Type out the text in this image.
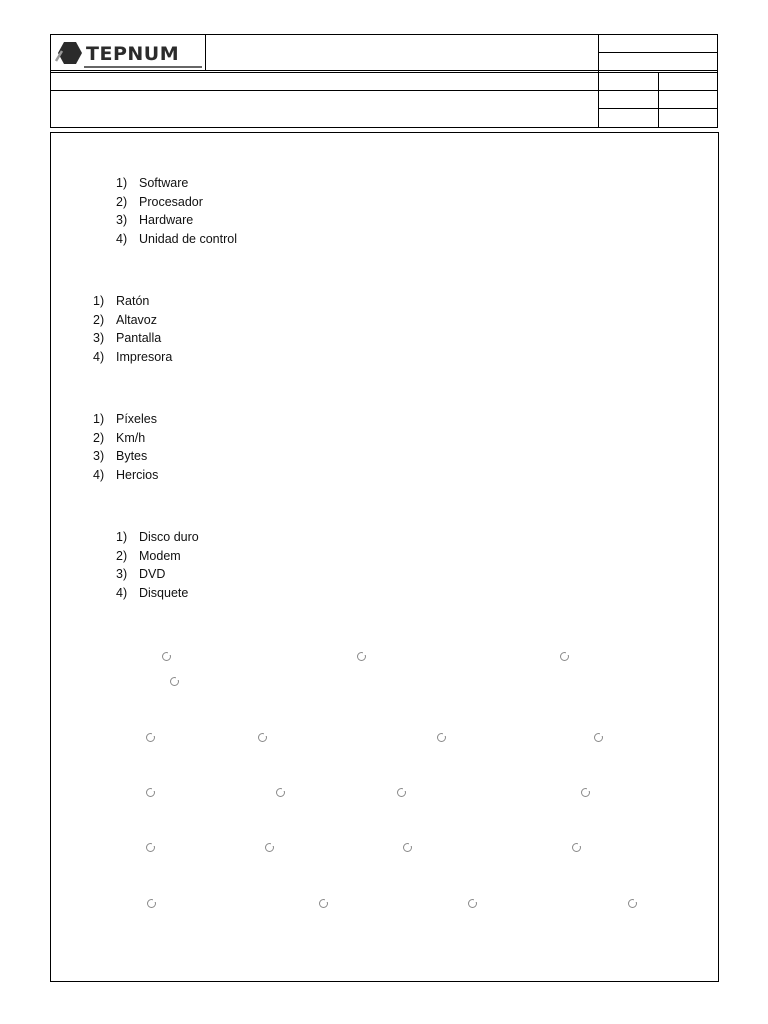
TEPNUM
1) Software
2) Procesador
3) Hardware
4) Unidad de control
1) Ratón
2) Altavoz
3) Pantalla
4) Impresora
1) Píxeles
2) Km/h
3) Bytes
4) Hercios
1) Disco duro
2) Modem
3) DVD
4) Disquete
